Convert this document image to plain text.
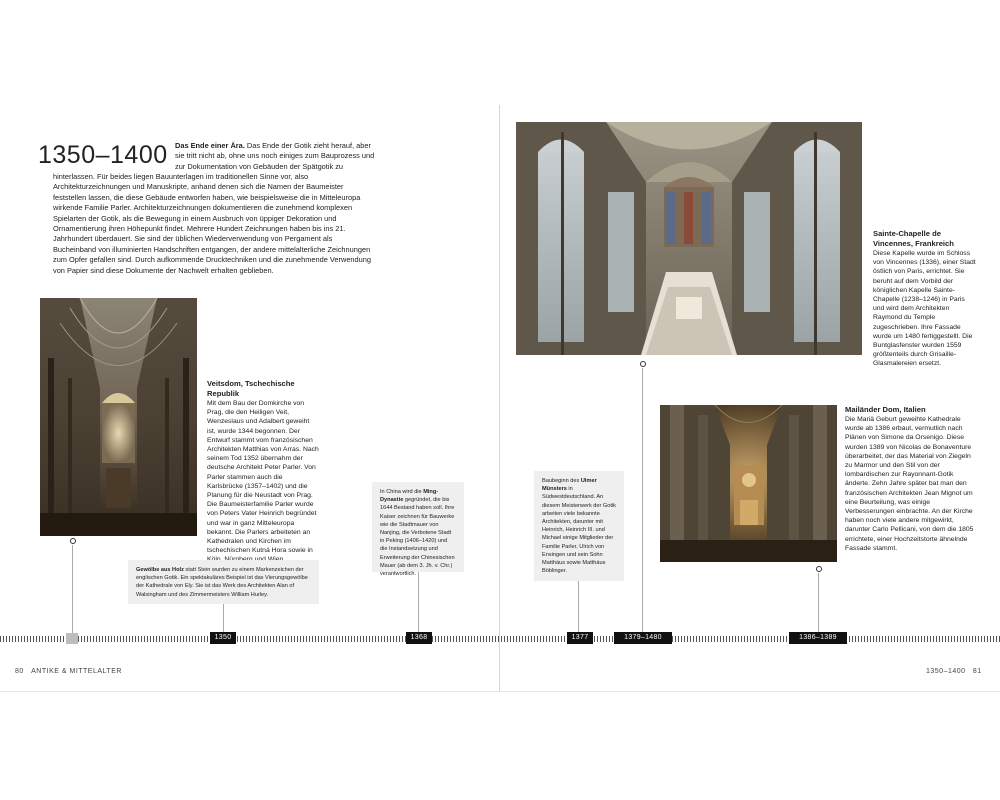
1350–1400 Das Ende einer Ära. Das Ende der Gotik zieht herauf, aber sie tritt nicht ab, ohne uns noch einiges zum Bauprozess und zur Dokumentation von Gebäuden der Spätgotik zu
hinterlassen. Für beides liegen Bauunterlagen im traditionellen Sinne vor, also Architekturzeichnungen und Manuskripte, anhand denen sich die Namen der Baumeister feststellen lassen, die diese Gebäude entworfen haben, wie beispielsweise die in Mitteleuropa wirkende Familie Parler. Architekturzeichnungen dokumentieren die zunehmend komplexen Spielarten der Gotik, als die Bewegung in einem Ausbruch von üppiger Dekoration und Ornamentierung ihren Höhepunkt findet. Mehrere Hundert Zeichnungen haben bis ins 21. Jahrhundert überdauert. Sie sind der üblichen Wiederverwendung von Pergament als Bucheinband von illuminierten Handschriften entgangen, der andere mittelalterliche Zeichnungen zum Opfer gefallen sind. Durch aufkommende Drucktechniken und die zunehmende Verwendung von Papier sind diese Dokumente der Nachwelt erhalten geblieben.
Veitsdom, Tschechische Republik
Mit dem Bau der Domkirche von Prag, die den Heiligen Veit, Wenzeslaus und Adalbert geweiht ist, wurde 1344 begonnen. Der Entwurf stammt vom französischen Architekten Matthias von Arras. Nach seinem Tod 1352 übernahm der deutsche Architekt Peter Parler. Von Parler stammen auch die Karlsbrücke (1357–1402) und die Planung für die Neustadt von Prag. Die Baumeisterfamilie Parler wurde von Peters Vater Heinrich begründet und war in ganz Mitteleuropa bekannt. Die Parlers arbeiteten an Kathedralen und Kirchen im tschechischen Kutná Hora sowie in
Gewölbe aus Holz statt Stein wurden zu einem Markenzeichen der englischen Gotik. Ein spektakuläres Beispiel ist das Vierungsgewölbe der Kathedrale von Ely. Sie ist das Werk des Architekten Alan of Walsingham und des Zimmermeisters William Hurley.
In China wird die Ming-Dynastie gegründet, die bis 1644 Bestand haben soll. Ihre Kaiser zeichnen für Bauwerke wie die Stadtmauer von Nanjing, die Verbotene Stadt in Peking (1406–1420) und die Instandsetzung und Erweiterung der Chinesischen Mauer (ab dem 3. Jh. v. Chr.) verantwortlich.
Sainte-Chapelle de Vincennes, Frankreich
Diese Kapelle wurde im Schloss von Vincennes (1336), einer Stadt östlich von Paris, errichtet. Sie beruht auf dem Vorbild der königlichen Kapelle Sainte-Chapelle (1238–1246) in Paris und wird dem Architekten Raymond du Temple zugeschrieben. Ihre Fassade wurde um 1480 fertiggestellt. Die Buntglasfenster wurden 1559 größtenteils durch Grisaille-Glasmalereien ersetzt.
Mailänder Dom, Italien
Die Mariä Geburt geweihte Kathedrale wurde ab 1386 erbaut, vermutlich nach Plänen von Simone da Orsenigo. Diese wurden 1389 von Nicolas de Bonaventure überarbeitet, der das Material von Ziegeln zu Marmor und den Stil von der lombardischen zur Rayonnant-Gotik änderte. Zehn Jahre später bat man den französischen Architekten Jean Mignot um eine Beurteilung, was einige Verbesserungen einbrachte. An der Kirche haben noch viele andere mitgewirkt, darunter Carlo Pellicani, von dem die 1805 errichtete, einer Hochzeitstorte ähnelnde Fassade stammt.
Baubeginn des Ulmer Münsters in Südwestdeutschland. An diesem Meisterwerk der Gotik arbeiten viele bekannte Architekten, darunter mit Heinrich, Heinrich III. und Michael einige Mitglieder der Familie Parler, Ulrich von Ensingen und sein Sohn Matthäus sowie Matthäus Böblinger.
1350	1368	1377	1379–1480	1386–1389
80 ANTIKE & MITTELALTER	1350–1400 81
